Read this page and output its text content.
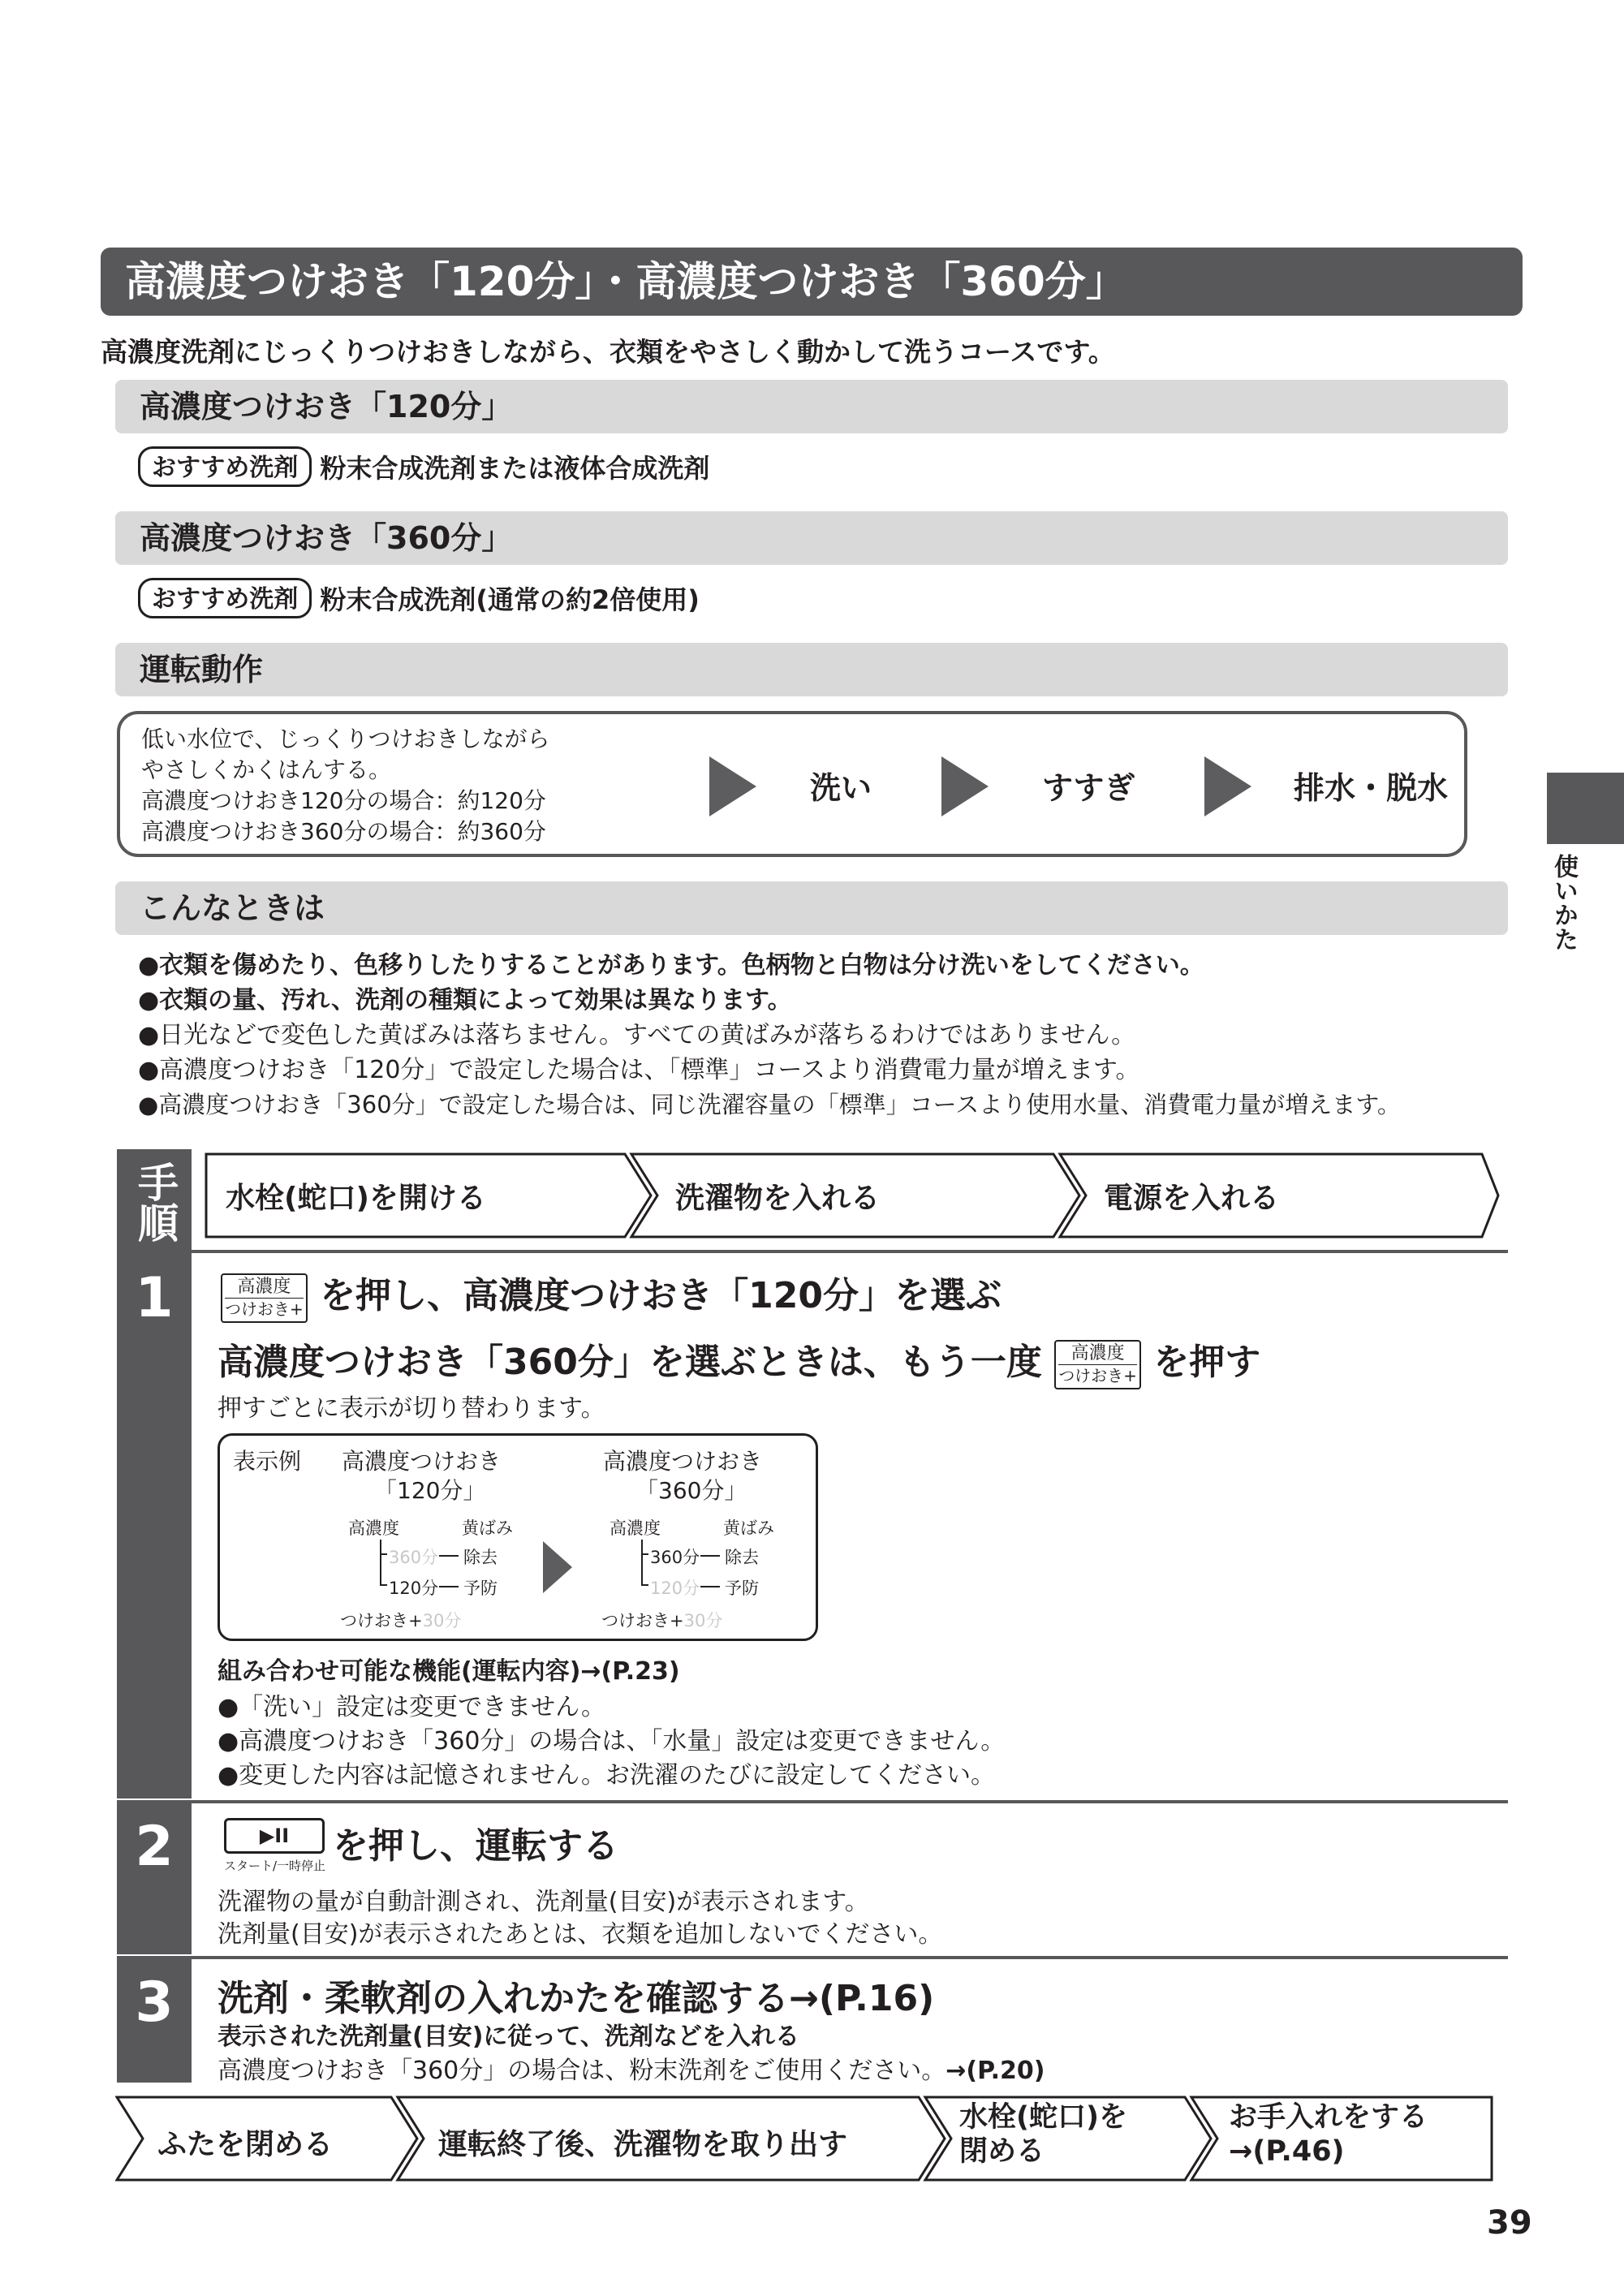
高濃度つけおき「120分」・高濃度つけおき「360分」
高濃度洗剤にじっくりつけおきしながら、衣類をやさしく動かして洗うコースです。
高濃度つけおき「120分」
おすすめ洗剤 粉末合成洗剤または液体合成洗剤
高濃度つけおき「360分」
おすすめ洗剤 粉末合成洗剤(通常の約2倍使用)
運転動作
低い水位で、じっくりつけおきしながら
やさしくかくはんする。
高濃度つけおき120分の場合：約120分
高濃度つけおき360分の場合：約360分
洗い	すすぎ	排水・脱水
使いかた
こんなときは
●衣類を傷めたり、色移りしたりすることがあります。色柄物と白物は分け洗いをしてください。
●衣類の量、汚れ、洗剤の種類によって効果は異なります。
●日光などで変色した黄ばみは落ちません。すべての黄ばみが落ちるわけではありません。
●高濃度つけおき「120分」で設定した場合は、「標準」コースより消費電力量が増えます。
●高濃度つけおき「360分」で設定した場合は、同じ洗濯容量の「標準」コースより使用水量、消費電力量が増えます。
手順	水栓(蛇口)を開ける	洗濯物を入れる	電源を入れる
1	高濃度
つけおき+ を押し、高濃度つけおき「120分」を選ぶ
高濃度つけおき「360分」を選ぶときは、もう一度 高濃度
つけおき+ を押す
押すごとに表示が切り替わります。
表示例 高濃度つけおき
「120分」
高濃度つけおき
「360分」
高濃度	黄ばみ
360分 除去
120分 予防
つけおき+30分
高濃度	黄ばみ
360分 除去
120分 予防
つけおき+30分
組み合わせ可能な機能(運転内容)→(P.23)
●「洗い」設定は変更できません。
●高濃度つけおき「360分」の場合は、「水量」設定は変更できません。
●変更した内容は記憶されません。お洗濯のたびに設定してください。
2	▶II
スタート/一時停止 を押し、運転する
洗濯物の量が自動計測され、洗剤量(目安)が表示されます。
洗剤量(目安)が表示されたあとは、衣類を追加しないでください。
3	洗剤・柔軟剤の入れかたを確認する→(P.16)
表示された洗剤量(目安)に従って、洗剤などを入れる
高濃度つけおき「360分」の場合は、粉末洗剤をご使用ください。→(P.20)
ふたを閉める	運転終了後、洗濯物を取り出す
水栓(蛇口)を閉める
お手入れをする→(P.46)
39
